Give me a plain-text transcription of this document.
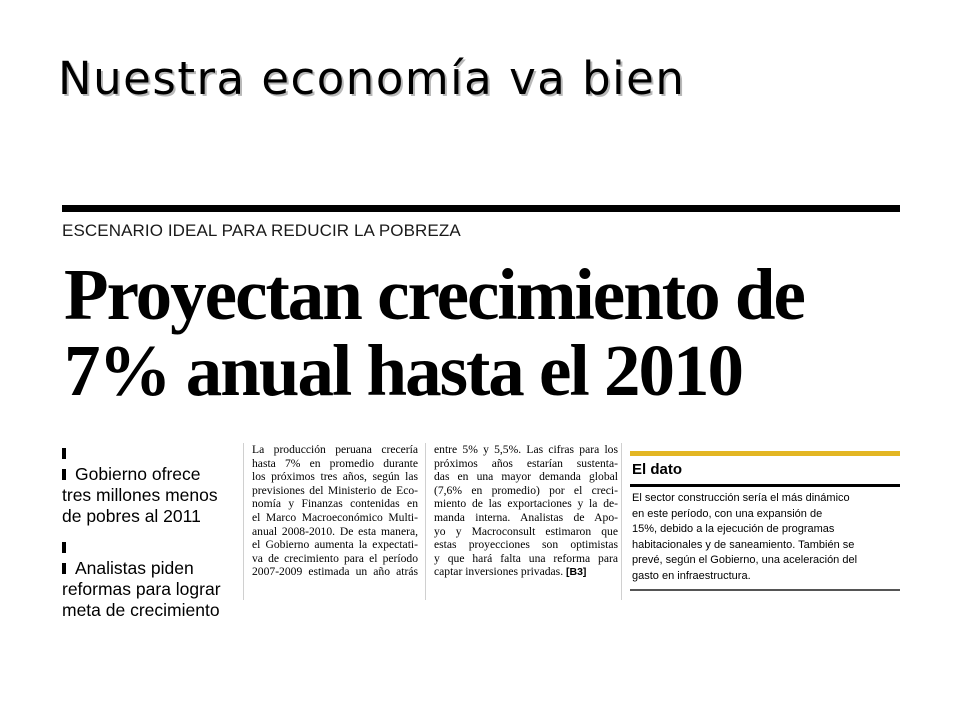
Nuestra economía va bien
ESCENARIO IDEAL PARA REDUCIR LA POBREZA
Proyectan crecimiento de
7% anual hasta el 2010
Gobierno ofrece
tres millones menos
de pobres al 2011
Analistas piden
reformas para lograr
meta de crecimiento
La producción peruana crecería
hasta 7% en promedio durante
los próximos tres años, según las
previsiones del Ministerio de Eco-
nomía y Finanzas contenidas en
el Marco Macroeconómico Multi-
anual 2008-2010. De esta manera,
el Gobierno aumenta la expectati-
va de crecimiento para el período
2007-2009 estimada un año atrás
entre 5% y 5,5%. Las cifras para los
próximos años estarían sustenta-
das en una mayor demanda global
(7,6% en promedio) por el creci-
miento de las exportaciones y la de-
manda interna. Analistas de Apo-
yo y Macroconsult estimaron que
estas proyecciones son optimistas
y que hará falta una reforma para
captar inversiones privadas. [B3]
El dato
El sector construcción sería el más dinámico
en este período, con una expansión de
15%, debido a la ejecución de programas
habitacionales y de saneamiento. También se
prevé, según el Gobierno, una aceleración del
gasto en infraestructura.
